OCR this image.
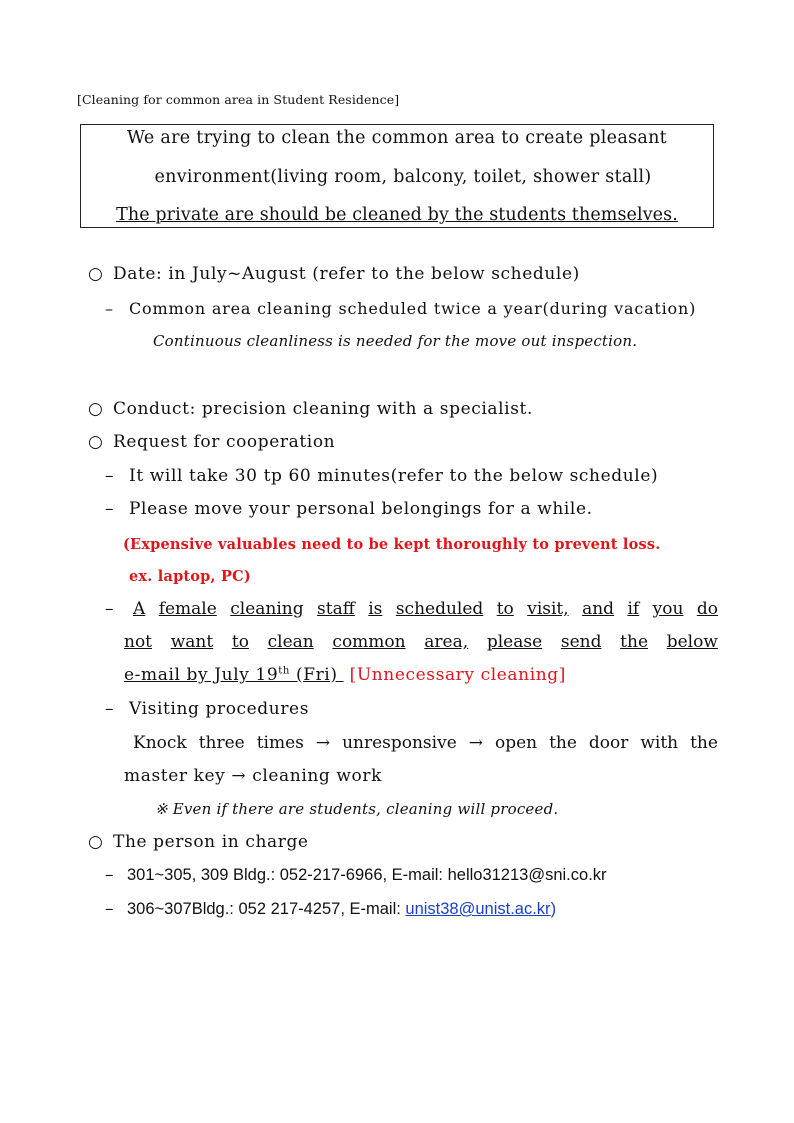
[Cleaning for common area in Student Residence]
We are trying to clean the common area to create pleasant
environment(living room, balcony, toilet, shower stall)
The private are should be cleaned by the students themselves.
○ Date: in July~August (refer to the below schedule)
– Common area cleaning scheduled twice a year(during vacation)
Continuous cleanliness is needed for the move out inspection.
○ Conduct: precision cleaning with a specialist.
○ Request for cooperation
– It will take 30 tp 60 minutes(refer to the below schedule)
– Please move your personal belongings for a while.
(Expensive valuables need to be kept thoroughly to prevent loss.
ex. laptop, PC)
– A female cleaning staff is scheduled to visit, and if you do
not want to clean common area, please send the below
e-mail by July 19th (Fri) [Unnecessary cleaning]
– Visiting procedures
Knock three times → unresponsive → open the door with the
master key → cleaning work
※ Even if there are students, cleaning will proceed.
○ The person in charge
– 301~305, 309 Bldg.: 052-217-6966, E-mail: hello31213@sni.co.kr
– 306~307Bldg.: 052 217-4257, E-mail: unist38@unist.ac.kr)
